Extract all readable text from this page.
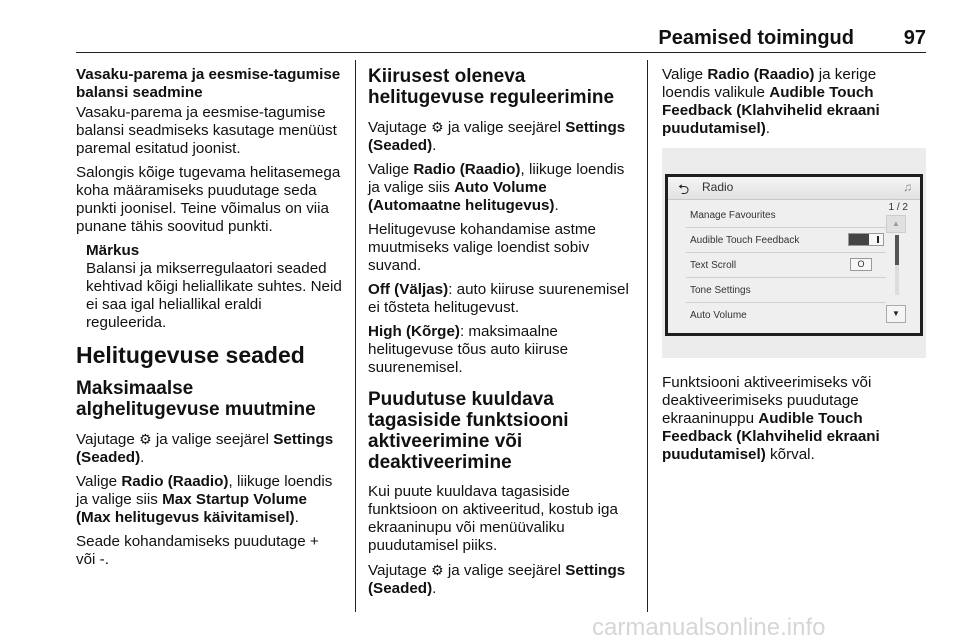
Peamised toimingud 97
Vasaku-parema ja eesmise-tagumise balansi seadmine

Vasaku-parema ja eesmise-tagumise balansi seadmiseks kasutage menüüst paremal esitatud joonist.

Salongis kõige tugevama helitasemega koha määramiseks puudutage seda punkti joonisel. Teine võimalus on viia punane tähis soovitud punkti.

Märkus

Balansi ja mikserregulaatori seaded kehtivad kõigi heliallikate suhtes. Neid ei saa igal heliallikal eraldi reguleerida.

Helitugevuse seaded
Maksimaalse alghelitugevuse muutmine

Vajutage ⚙ ja valige seejärel Settings (Seaded).

Valige Radio (Raadio), liikuge loendis ja valige siis Max Startup Volume (Max helitugevus käivitamisel).

Seade kohandamiseks puudutage + või -.

Kiirusest oleneva helitugevuse reguleerimine

Vajutage ⚙ ja valige seejärel Settings (Seaded).

Valige Radio (Raadio), liikuge loendis ja valige siis Auto Volume (Automaatne helitugevus).

Helitugevuse kohandamise astme muutmiseks valige loendist sobiv suvand.

Off (Väljas): auto kiiruse suurenemisel ei tõsteta helitugevust.

High (Kõrge): maksimaalne helitugevuse tõus auto kiiruse suurenemisel.

Puudutuse kuuldava tagasiside funktsiooni aktiveerimine või deaktiveerimine

Kui puute kuuldava tagasiside funktsioon on aktiveeritud, kostub iga ekraaninupu või menüüvaliku puudutamisel piiks.

Vajutage ⚙ ja valige seejärel Settings (Seaded).

Valige Radio (Raadio) ja kerige loendis valikule Audible Touch Feedback (Klahvihelid ekraani puudutamisel).

⮌ Radio	♫
1 / 2
Manage Favourites
Audible Touch Feedback
Text Scroll	O
Tone Settings
Auto Volume
▲
▼

Funktsiooni aktiveerimiseks või deaktiveerimiseks puudutage ekraaninuppu Audible Touch Feedback (Klahvihelid ekraani puudutamisel) kõrval.

carmanualsonline.info
